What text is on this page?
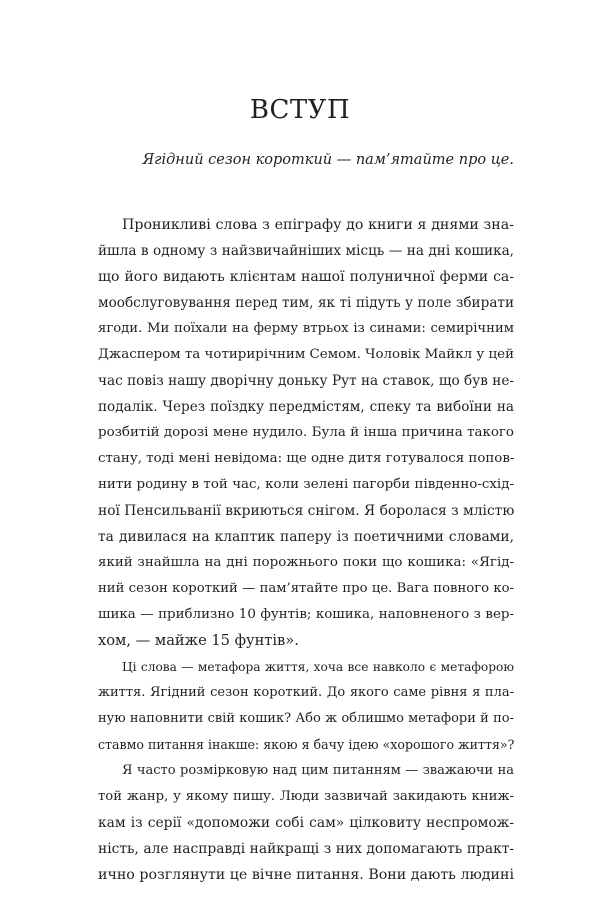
ВСТУП

Ягідний сезон короткий — пам’ятайте про це.

Проникливі слова з епіграфу до книги я днями зна-
йшла в одному з найзвичайніших місць — на дні кошика,
що його видають клієнтам нашої полуничної ферми са-
мообслуговування перед тим, як ті підуть у поле збирати
ягоди. Ми поїхали на ферму втрьох із синами: семирічним
Джаспером та чотирирічним Семом. Чоловік Майкл у цей
час повіз нашу дворічну доньку Рут на ставок, що був не-
подалік. Через поїздку передмістям, спеку та вибоїни на
розбитій дорозі мене нудило. Була й інша причина такого
стану, тоді мені невідома: ще одне дитя готувалося попов-
нити родину в той час, коли зелені пагорби південно-схід-
ної Пенсильванії вкриються снігом. Я боролася з млістю
та дивилася на клаптик паперу із поетичними словами,
який знайшла на дні порожнього поки що кошика: «Ягід-
ний сезон короткий — пам’ятайте про це. Вага повного ко-
шика — приблизно 10 фунтів; кошика, наповненого з вер-
хом, — майже 15 фунтів».
Ці слова — метафора життя, хоча все навколо є метафорою
життя. Ягідний сезон короткий. До якого саме рівня я пла-
ную наповнити свій кошик? Або ж облишмо метафори й по-
ставмо питання інакше: якою я бачу ідею «хорошого життя»?
Я часто розмірковую над цим питанням — зважаючи на
той жанр, у якому пишу. Люди зазвичай закидають книж-
кам із серії «допоможи собі сам» цілковиту неспромож-
ність, але насправді найкращі з них допомагають практ-
ично розглянути це вічне питання. Вони дають людині
